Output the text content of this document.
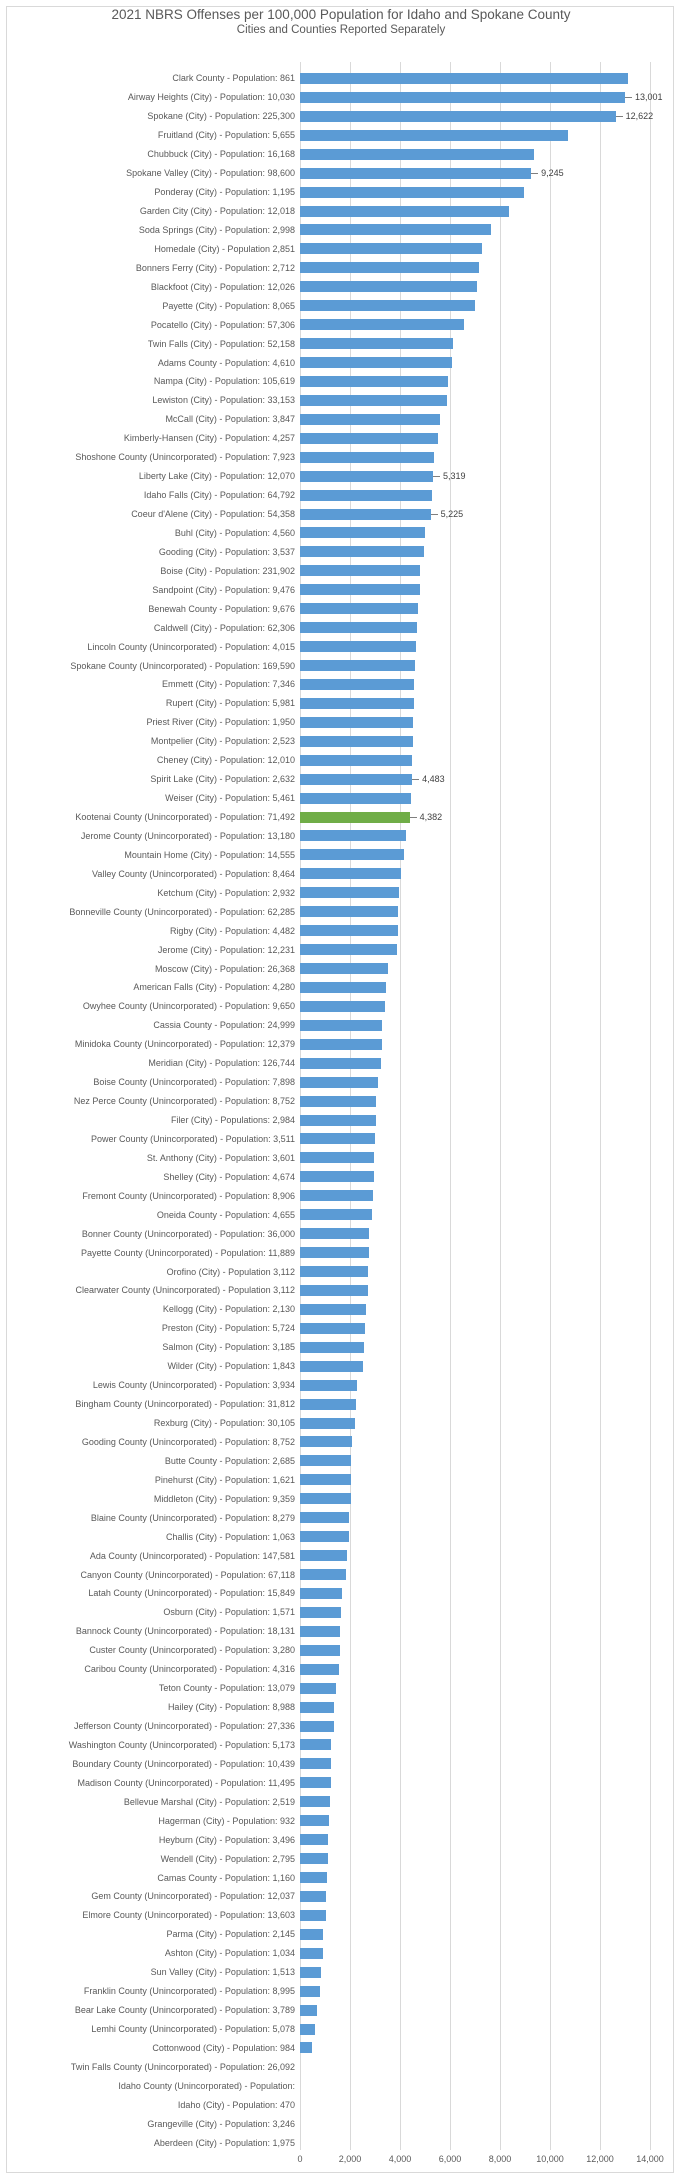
2021 NBRS Offenses per 100,000 Population for Idaho and Spokane County
Cities and Counties Reported Separately
Clark County - Population: 861
Airway Heights (City) - Population: 10,030	13,001
Spokane (City) - Population: 225,300	12,622
Fruitland (City) - Population: 5,655
Chubbuck (City) - Population: 16,168
Spokane Valley (City) - Population: 98,600	9,245
Ponderay (City) - Population: 1,195
Garden City (City) - Population: 12,018
Soda Springs (City) - Population: 2,998
Homedale (City) - Population 2,851
Bonners Ferry (City) - Population: 2,712
Blackfoot (City) - Population: 12,026
Payette (City) - Population: 8,065
Pocatello (City) - Population: 57,306
Twin Falls (City) - Population: 52,158
Adams County - Population: 4,610
Nampa (City) - Population: 105,619
Lewiston (City) - Population: 33,153
McCall (City) - Population: 3,847
Kimberly-Hansen (City) - Population: 4,257
Shoshone County (Unincorporated) - Population: 7,923
Liberty Lake (City) - Population: 12,070	5,319
Idaho Falls (City) - Population: 64,792
Coeur d'Alene (City) - Population: 54,358	5,225
Buhl (City) - Population: 4,560
Gooding (City) - Population: 3,537
Boise (City) - Population: 231,902
Sandpoint (City) - Population: 9,476
Benewah County - Population: 9,676
Caldwell (City) - Population: 62,306
Lincoln County (Unincorporated) - Population: 4,015
Spokane County (Unincorporated) - Population: 169,590
Emmett (City) - Population: 7,346
Rupert (City) - Population: 5,981
Priest River (City) - Population: 1,950
Montpelier (City) - Population: 2,523
Cheney (City) - Population: 12,010
Spirit Lake (City) - Population: 2,632	4,483
Weiser (City) - Population: 5,461
Kootenai County (Unincorporated) - Population: 71,492	4,382
Jerome County (Unincorporated) - Population: 13,180
Mountain Home (City) - Population: 14,555
Valley County (Unincorporated) - Population: 8,464
Ketchum (City) - Population: 2,932
Bonneville County (Unincorporated) - Population: 62,285
Rigby (City) - Population: 4,482
Jerome (City) - Population: 12,231
Moscow (City) - Population: 26,368
American Falls (City) - Population: 4,280
Owyhee County (Unincorporated) - Population: 9,650
Cassia County - Population: 24,999
Minidoka County (Unincorporated) - Population: 12,379
Meridian (City) - Population: 126,744
Boise County (Unincorporated) - Population: 7,898
Nez Perce County (Unincorporated) - Population: 8,752
Filer (City) - Populations: 2,984
Power County (Unincorporated) - Population: 3,511
St. Anthony (City) - Population: 3,601
Shelley (City) - Population: 4,674
Fremont County (Unincorporated) - Population: 8,906
Oneida County - Population: 4,655
Bonner County (Unincorporated) - Population: 36,000
Payette County (Unincorporated) - Population: 11,889
Orofino (City) - Population 3,112
Clearwater County (Unincorporated) - Population 3,112
Kellogg (City) - Population: 2,130
Preston (City) - Population: 5,724
Salmon (City) - Population: 3,185
Wilder (City) - Population: 1,843
Lewis County (Unincorporated) - Population: 3,934
Bingham County (Unincorporated) - Population: 31,812
Rexburg (City) - Population: 30,105
Gooding County (Unincorporated) - Population: 8,752
Butte County - Population: 2,685
Pinehurst (City) - Population: 1,621
Middleton (City) - Population: 9,359
Blaine County (Unincorporated) - Population: 8,279
Challis (City) - Population: 1,063
Ada County (Unincorporated) - Population: 147,581
Canyon County (Unincorporated) - Population: 67,118
Latah County (Unincorporated) - Population: 15,849
Osburn (City) - Population: 1,571
Bannock County (Unincorporated) - Population: 18,131
Custer County (Unincorporated) - Population: 3,280
Caribou County (Unincorporated) - Population: 4,316
Teton County - Population: 13,079
Hailey (City) - Population: 8,988
Jefferson County (Unincorporated) - Population: 27,336
Washington County (Unincorporated) - Population: 5,173
Boundary County (Unincorporated) - Population: 10,439
Madison County (Unincorporated) - Population: 11,495
Bellevue Marshal (City) - Population: 2,519
Hagerman (City) - Population: 932
Heyburn (City) - Population: 3,496
Wendell (City) - Population: 2,795
Camas County - Population: 1,160
Gem County (Unincorporated) - Population: 12,037
Elmore County (Unincorporated) - Population: 13,603
Parma (City) - Population: 2,145
Ashton (City) - Population: 1,034
Sun Valley (City) - Population: 1,513
Franklin County (Unincorporated) - Population: 8,995
Bear Lake County (Unincorporated) - Population: 3,789
Lemhi County (Unincorporated) - Population: 5,078
Cottonwood (City) - Population: 984
Twin Falls County (Unincorporated) - Population: 26,092
Idaho County (Unincorporated) - Population:
Idaho (City) - Population: 470
Grangeville (City) - Population: 3,246
Aberdeen (City) - Population: 1,975
0	2,000	4,000	6,000	8,000	10,000	12,000	14,000
